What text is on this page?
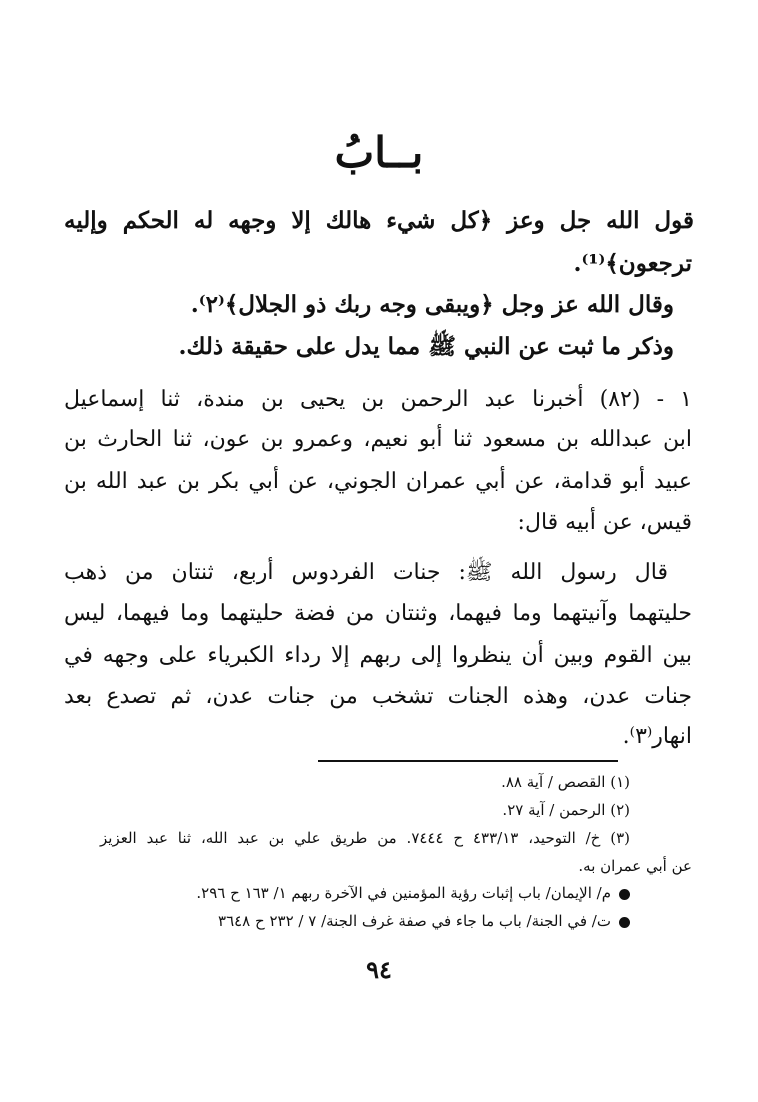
بــابُ
قول الله جل وعز ﴿كل شيء هالك إلا وجهه له الحكم وإليه
ترجعون﴾⁽¹⁾.
وقال الله عز وجل ﴿ويبقى وجه ربك ذو الجلال﴾⁽٢⁾.
وذكر ما ثبت عن النبي ﷺ مما يدل على حقيقة ذلك.
١ - (٨٢) أخبرنا عبد الرحمن بن يحيى بن مندة، ثنا إسماعيل
ابن عبدالله بن مسعود ثنا أبو نعيم، وعمرو بن عون، ثنا الحارث بن
عبيد أبو قدامة، عن أبي عمران الجوني، عن أبي بكر بن عبد الله بن
قيس، عن أبيه قال:
قال رسول الله ﷺ: جنات الفردوس أربع، ثنتان من ذهب
حليتهما وآنيتهما وما فيهما، وثنتان من فضة حليتهما وما فيهما، ليس
بين القوم وبين أن ينظروا إلى ربهم إلا رداء الكبرياء على وجهه في
جنات عدن، وهذه الجنات تشخب من جنات عدن، ثم تصدع بعد
انهار⁽٣⁾.
(١) القصص / آية ٨٨.
(٢) الرحمن / آية ٢٧.
(٣) خ/ التوحيد، ٤٣٣/١٣ ح ٧٤٤٤. من طريق علي بن عبد الله، ثنا عبد العزيز
عن أبي عمران به.
م/ الإيمان/ باب إثبات رؤية المؤمنين في الآخرة ربهم ١/ ١٦٣ ح ٢٩٦.
ت/ في الجنة/ باب ما جاء في صفة غرف الجنة/ ٧ / ٢٣٢ ح ٣٦٤٨
٩٤
